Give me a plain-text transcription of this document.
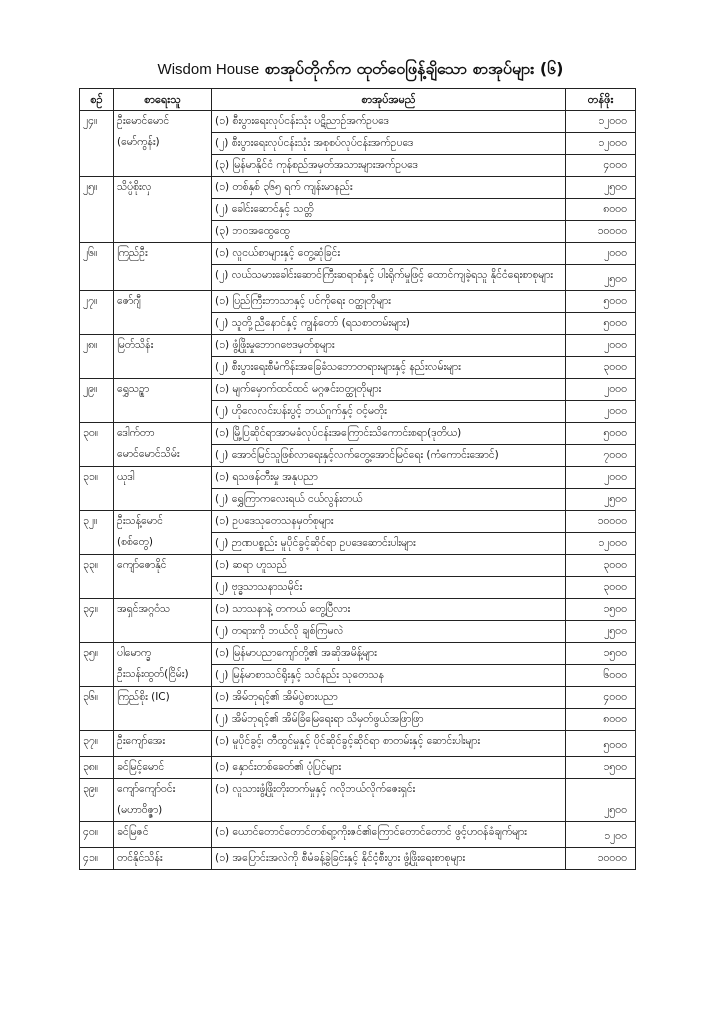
Wisdom House စာအုပ်တိုက်က ထုတ်ဝေဖြန့်ချိသော စာအုပ်များ (၆)
စဉ်	စာရေးသူ	စာအုပ်အမည်	တန်ဖိုး
၂၄။	ဦးမောင်မောင်
(မော်ကွန်း)	(၁) စီးပွားရေးလုပ်ငန်းသုံး ပဋိညာဉ်အက်ဥပဒေ	၁၂၀၀၀
		(၂) စီးပွားရေးလုပ်ငန်းသုံး အစုစပ်လုပ်ငန်းအက်ဥပဒေ	၁၂၀၀၀
		(၃) မြန်မာနိုင်ငံ ကုန်စည်အမှတ်အသားများအက်ဥပဒေ	၄၀၀၀
၂၅။	သိပ္ပံစိုးလှ	(၁) တစ်နှစ် ၃၆၅ ရက် ကျန်းမာနည်း	၂၅၀၀
		(၂) ခေါင်းဆောင်နှင့် သတ္တိ	၈၀၀၀
		(၃) ဘဝအထွေထွေ	၁၀၀၀၀
၂၆။	ကြည်ဦး	(၁) လူငယ်စာများနှင့် တွေ့ဆုံခြင်း	၂၀၀၀
		(၂) လယ်သမားခေါင်းဆောင်ကြီးဆရာစံနှင့် ပါးရိုက်မှုဖြင့် ထောင်ကျခဲ့ရသူ နိုင်ငံရေးစာစုများ	၂၅၀၀
၂၇။	ဇော်ဂျီ	(၁) ပြည်ကြီးဘာသာနှင့် ပင်ကိုရေး ဝတ္ထုတိုများ	၅၀၀၀
		(၂) သူတို့ညီနောင်နှင့် ကျွန်တော် (ရသစာတမ်းများ)	၅၀၀၀
၂၈။	မြတ်သိန်း	(၁) ဖွံ့ဖြိုးမှုဘောဂဗေဒမှတ်စုများ	၂၀၀၀
		(၂) စီးပွားရေးစီမံကိန်းအခြေခံသဘောတရားများနှင့် နည်းလမ်းများ	၃၀၀၀
၂၉။	ရွှေသဥ္စာ	(၁) မျက်မှောက်ထင်ထင် မဂ္ဂဇင်းဝတ္ထုတိုများ	၂၀၀၀
		(၂) ဟိုလေလင်းပန်းပွင့် ဘယ်ဂူက်နှင့် ဝင့်မတိုး	၂၀၀၀
၃၀။	ဒေါက်တာ
မောင်မောင်သိမ်း	(၁) မြို့ပြဆိုင်ရာအာမခံလုပ်ငန်းအကြောင်းသိကောင်းစရာ(ဒုတိယ)	၅၀၀၀
		(၂) အောင်မြင်သူဖြစ်လာရေးနှင့်လက်တွေ့အောင်မြင်ရေး (ကံကောင်းအောင်)	၇၀၀၀
၃၁။	ယုဒါ	(၁) ရသဖန်တီးမှု အနုပညာ	၂၀၀၀
		(၂) ရွှေကြာကလေးရယ် ငယ်လွန်းတယ်	၂၅၀၀
၃၂။	ဦးသန့်မောင်
(စစ်တွေ)	(၁) ဥပဒေသုတေသနမှတ်စုများ	၁၀၀၀၀
		(၂) ဉာဏပစ္စည်း မူပိုင်ခွင့်ဆိုင်ရာ ဥပဒေဆောင်းပါးများ	၁၂၀၀၀
၃၃။	ကျော်ဇောနိုင်	(၁) ဆရာ ဟူသည်	၃၀၀၀
		(၂) ဗုဒ္ဓသာသနာသမိုင်း	၃၀၀၀
၃၄။	အရှင်အဂ္ဂဝံသ	(၁) သာသနာနဲ့ တကယ် တွေ့ပြီလား	၁၅၀၀
		(၂) တရားကို ဘယ်လို ချစ်ကြမလဲ	၂၅၀၀
၃၅။	ပါမောက္ခ
ဦးသန်းထွတ်(ငြိမ်း)	(၁) မြန်မာပညာကျော်တို့၏ အဆိုအမိန့်များ	၁၅၀၀
		(၂) မြန်မာစာသင်ရိုးနှင့် သင်နည်း သုတေသန	၆၀၀၀
၃၆။	ကြည်စိုး (IC)	(၁) အိမ်ဘုရင့်၏ အိမ်ပွဲစားပညာ	၄၀၀၀
		(၂) အိမ်ဘုရင့်၏ အိမ်ခြံမြေရေးရာ သိမှတ်ဖွယ်အဖြာဖြာ	၈၀၀၀
၃၇။	ဦးကျော်အေး	(၁) မူပိုင်ခွင့်၊ တီထွင်မှုနှင့် ပိုင်ဆိုင်ခွင့်ဆိုင်ရာ စာတမ်းနှင့် ဆောင်းပါးများ	၅၀၀၀
၃၈။	ခင်မြင့်မောင်	(၁) နှောင်းတစ်ခေတ်၏ ပုံပြင်များ	၁၅၀၀
၃၉။	ကျော်ကျော်ဝင်း
(မဟာဝိဇ္ဇာ)	(၁) လူသားဖွံ့ဖြိုးတိုးတက်မှုနှင့် ဂလိုဘယ်လိုက်ဇေးရှင်း	၂၅၀၀
၄၀။	ခင်မြဇင်	(၁) ယောင်တောင်တောင်တစ်ရာ့ကိုးဇင်၏ကြောင်တောင်တောင် ဖွင့်ဟဝန်ခံချက်များ	၁၂၀၀
၄၁။	တင်နိုင်သိန်း	(၁) အပြောင်းအလဲကို စီမံခန့်ခွဲခြင်းနှင့် နိုင်ငံ့စီးပွား ဖွံ့ဖြိုးရေးစာစုများ	၁၀၀၀၀
